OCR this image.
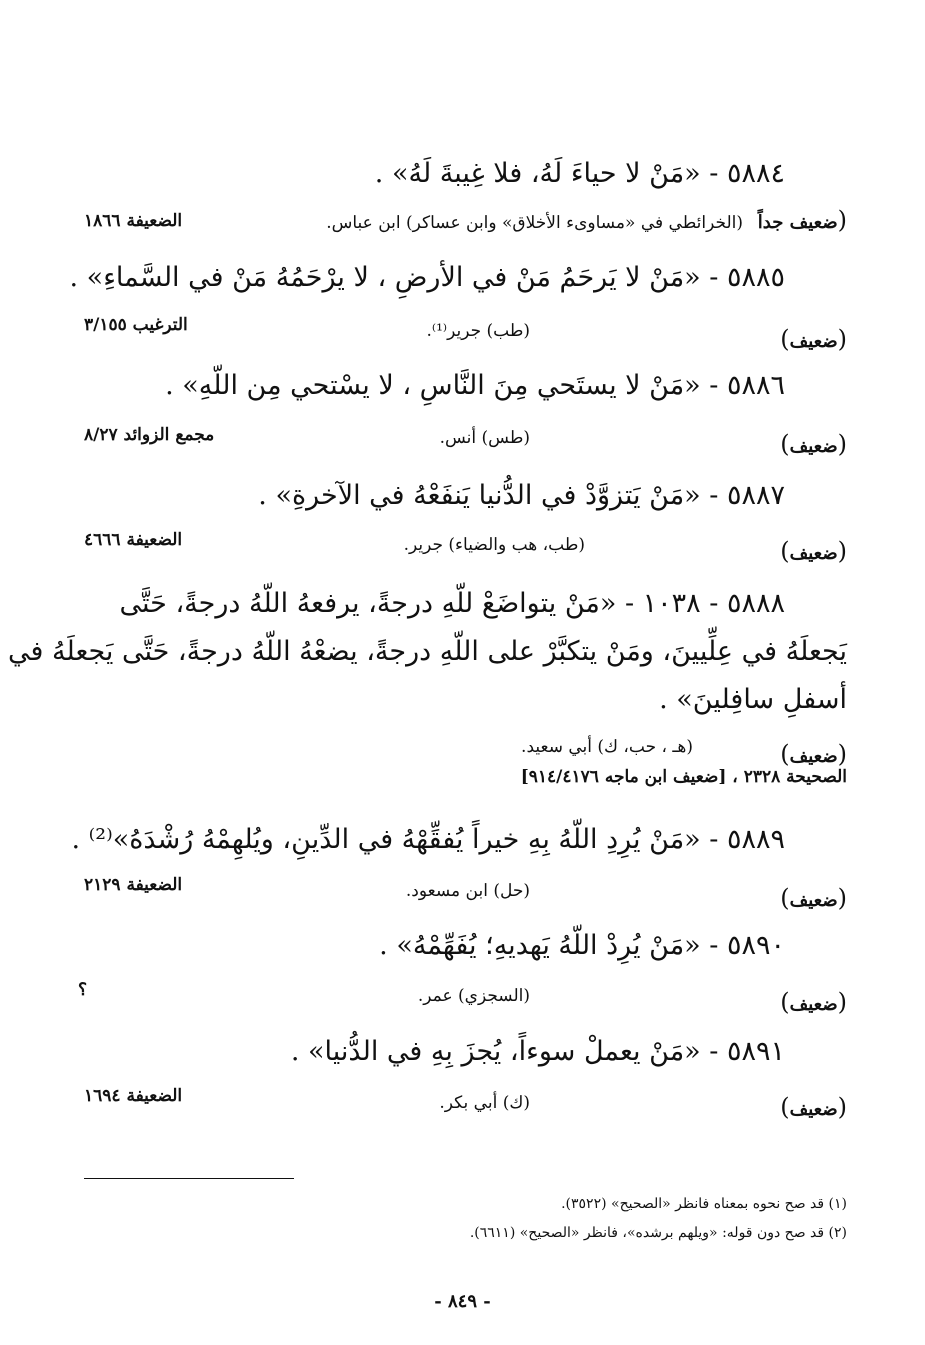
٥٨٨٤ - «مَنْ لا حياءَ لَهُ، فلا غِيبةَ لَهُ» .
(ضعيف جداً
(الخرائطي في «مساوىء الأخلاق» وابن عساكر) ابن عباس.
الضعيفة ١٨٦٦
٥٨٨٥ - «مَنْ لا يَرحَمُ مَنْ في الأرضِ ، لا يرْحَمُهُ مَنْ في السَّماءِ» .
(ضعيف)
(طب) جرير⁽¹⁾.
الترغيب ٣/١٥٥
٥٨٨٦ - «مَنْ لا يستَحي مِنَ النَّاسِ ، لا يسْتحي مِن اللّهِ» .
(ضعيف)
(طس) أنس.
مجمع الزوائد ٨/٢٧
٥٨٨٧ - «مَنْ يَتزوَّدْ في الدُّنيا يَنفَعْهُ في الآخرةِ» .
(ضعيف)
(طب، هب والضياء) جرير.
الضعيفة ٤٦٦٦
٥٨٨٨ - ١٠٣٨ - «مَنْ يتواضَعْ للّهِ درجةً، يرفعهُ اللّهُ درجةً، حَتَّى
يَجعلَهُ في عِلِّيينَ، ومَنْ يتكبَّرْ على اللّهِ درجةً، يضعْهُ اللّهُ درجةً، حَتَّى يَجعلَهُ في
أسفلِ سافِلينَ» .
(ضعيف)
(هـ ، حب، ك) أبي سعيد.
الصحيحة ٢٣٢٨ ، [ضعيف ابن ماجه ٩١٤/٤١٧٦]
٥٨٨٩ - «مَنْ يُرِدِ اللّهُ بِهِ خيراً يُفقِّهْهُ في الدِّينِ، ويُلهِمْهُ رُشْدَهُ»⁽²⁾ .
(ضعيف)
(حل) ابن مسعود.
الضعيفة ٢١٢٩
٥٨٩٠ - «مَنْ يُرِدْ اللّهُ يَهديهِ؛ يُفَهِّمْهُ» .
(ضعيف)
(السجزي) عمر.
؟
٥٨٩١ - «مَنْ يعملْ سوءاً، يُجزَ بِهِ في الدُّنيا» .
(ضعيف)
(ك) أبي بكر.
الضعيفة ١٦٩٤
(١) قد صح نحوه بمعناه فانظر «الصحيح» (٣٥٢٢).
(٢) قد صح دون قوله: «ويلهم برشده»، فانظر «الصحيح» (٦٦١١).
- ٨٤٩ -
